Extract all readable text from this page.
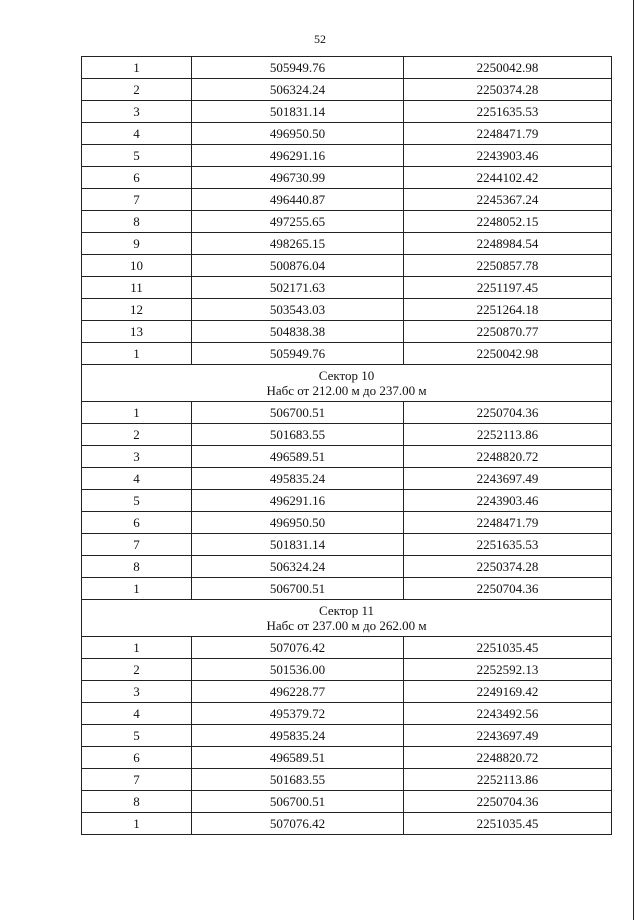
52
1	505949.76	2250042.98
2	506324.24	2250374.28
3	501831.14	2251635.53
4	496950.50	2248471.79
5	496291.16	2243903.46
6	496730.99	2244102.42
7	496440.87	2245367.24
8	497255.65	2248052.15
9	498265.15	2248984.54
10	500876.04	2250857.78
11	502171.63	2251197.45
12	503543.03	2251264.18
13	504838.38	2250870.77
1	505949.76	2250042.98

Сектор 10
Набс от 212.00 м до 237.00 м		

1	506700.51	2250704.36
2	501683.55	2252113.86
3	496589.51	2248820.72
4	495835.24	2243697.49
5	496291.16	2243903.46
6	496950.50	2248471.79
7	501831.14	2251635.53
8	506324.24	2250374.28
1	506700.51	2250704.36

Сектор 11
Набс от 237.00 м до 262.00 м		

1	507076.42	2251035.45
2	501536.00	2252592.13
3	496228.77	2249169.42
4	495379.72	2243492.56
5	495835.24	2243697.49
6	496589.51	2248820.72
7	501683.55	2252113.86
8	506700.51	2250704.36
1	507076.42	2251035.45
